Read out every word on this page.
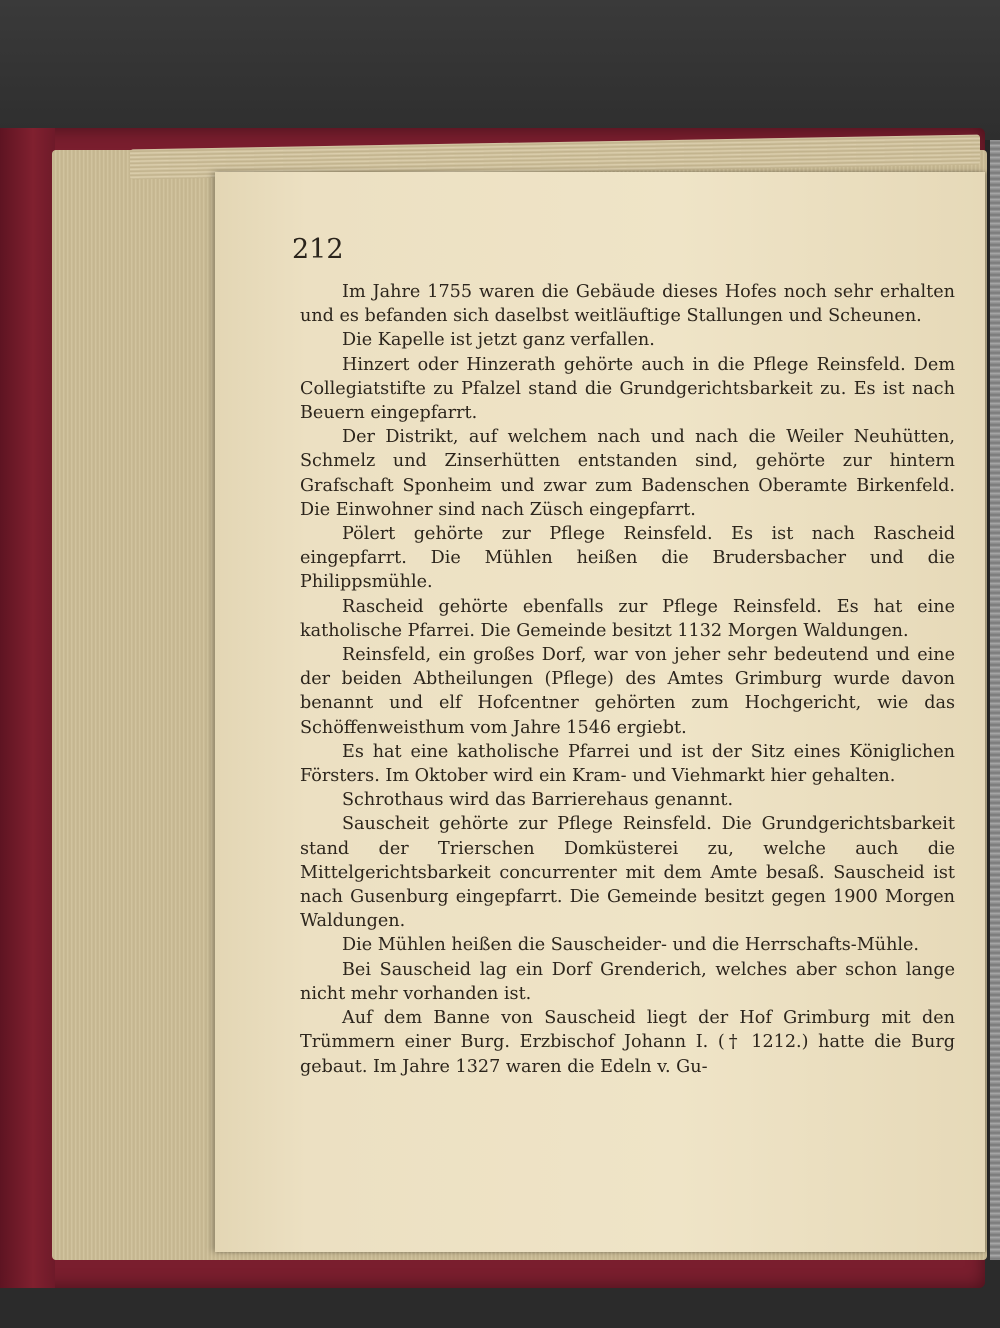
212

Im Jahre 1755 waren die Gebäude dieses Hofes noch sehr erhalten und es befanden sich daselbst weitläuftige Stallungen und Scheunen.

Die Kapelle ist jetzt ganz verfallen.

Hinzert oder Hinzerath gehörte auch in die Pflege Reinsfeld. Dem Collegiatstifte zu Pfalzel stand die Grundgerichtsbarkeit zu. Es ist nach Beuern eingepfarrt.

Der Distrikt, auf welchem nach und nach die Weiler Neuhütten, Schmelz und Zinserhütten entstanden sind, gehörte zur hintern Grafschaft Sponheim und zwar zum Badenschen Oberamte Birkenfeld. Die Einwohner sind nach Züsch eingepfarrt.

Pölert gehörte zur Pflege Reinsfeld. Es ist nach Rascheid eingepfarrt. Die Mühlen heißen die Brudersbacher und die Philippsmühle.

Rascheid gehörte ebenfalls zur Pflege Reinsfeld. Es hat eine katholische Pfarrei. Die Gemeinde besitzt 1132 Morgen Waldungen.

Reinsfeld, ein großes Dorf, war von jeher sehr bedeutend und eine der beiden Abtheilungen (Pflege) des Amtes Grimburg wurde davon benannt und elf Hofcentner gehörten zum Hochgericht, wie das Schöffenweisthum vom Jahre 1546 ergiebt.

Es hat eine katholische Pfarrei und ist der Sitz eines Königlichen Försters. Im Oktober wird ein Kram- und Viehmarkt hier gehalten.

Schrothaus wird das Barrierehaus genannt.

Sauscheit gehörte zur Pflege Reinsfeld. Die Grundgerichtsbarkeit stand der Trierschen Domküsterei zu, welche auch die Mittelgerichtsbarkeit concurrenter mit dem Amte besaß. Sauscheid ist nach Gusenburg eingepfarrt. Die Gemeinde besitzt gegen 1900 Morgen Waldungen.

Die Mühlen heißen die Sauscheider- und die Herrschafts-Mühle.

Bei Sauscheid lag ein Dorf Grenderich, welches aber schon lange nicht mehr vorhanden ist.

Auf dem Banne von Sauscheid liegt der Hof Grimburg mit den Trümmern einer Burg. Erzbischof Johann I. († 1212.) hatte die Burg gebaut. Im Jahre 1327 waren die Edeln v. Gu-
